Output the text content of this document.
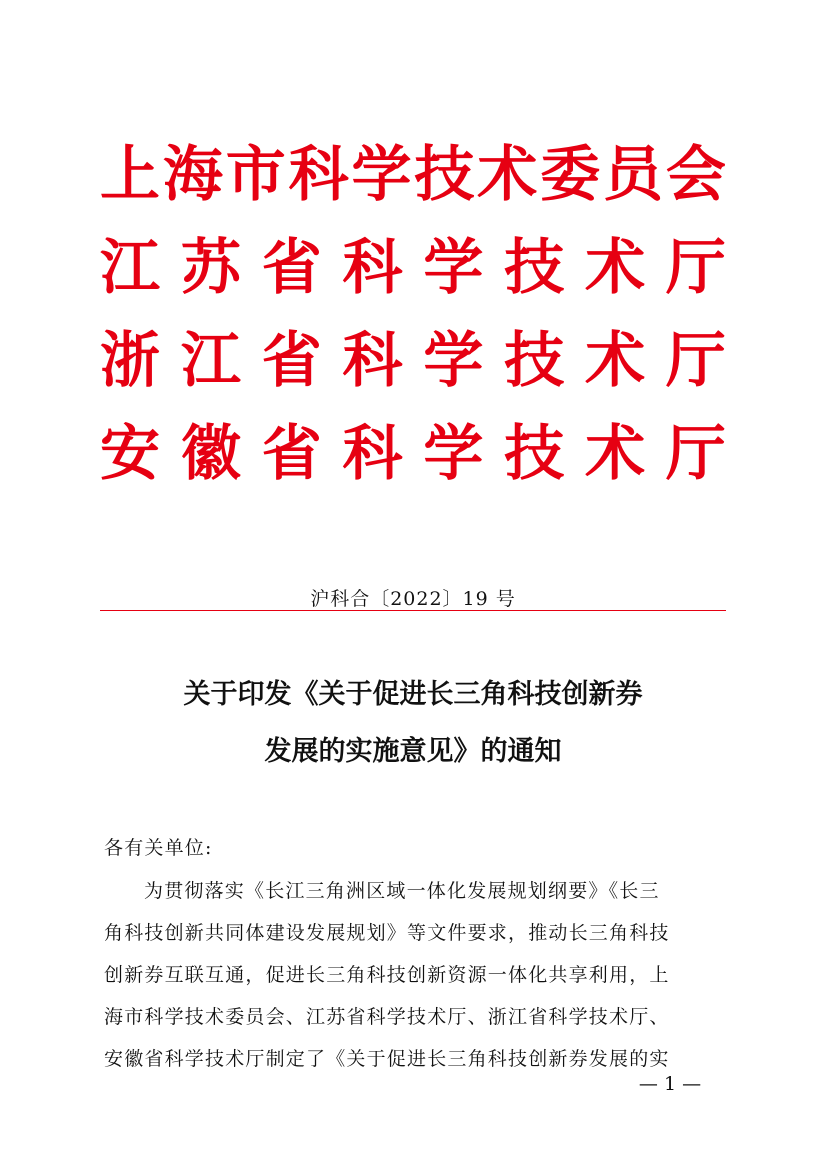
上 海 市 科 学 技 术 委 员 会
江 苏 省 科 学 技 术 厅
浙 江 省 科 学 技 术 厅
安 徽 省 科 学 技 术 厅
沪科合〔2022〕19 号
关于印发《关于促进长三角科技创新券
发展的实施意见》的通知
各有关单位:
为贯彻落实《长江三角洲区域一体化发展规划纲要》《长三
角科技创新共同体建设发展规划》等文件要求，推动长三角科技
创新券互联互通，促进长三角科技创新资源一体化共享利用，上
海市科学技术委员会、江苏省科学技术厅、浙江省科学技术厅、
安徽省科学技术厅制定了《关于促进长三角科技创新券发展的实
— 1 —
